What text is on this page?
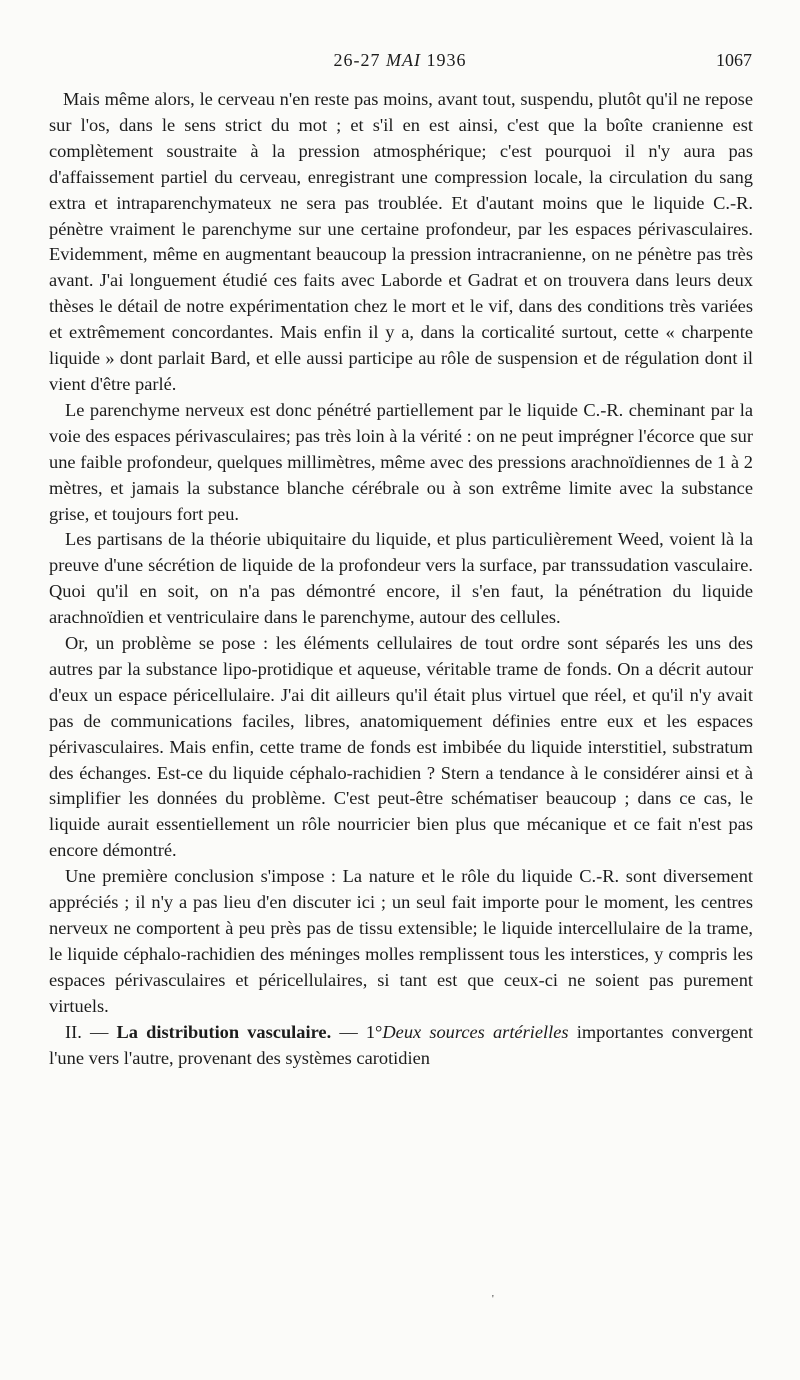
26-27 MAI 1936	1067

Mais même alors, le cerveau n'en reste pas moins, avant tout, suspendu, plutôt qu'il ne repose sur l'os, dans le sens strict du mot ; et s'il en est ainsi, c'est que la boîte cranienne est complètement soustraite à la pression atmosphérique; c'est pourquoi il n'y aura pas d'affaissement partiel du cerveau, enregistrant une compression locale, la circulation du sang extra et intraparenchymateux ne sera pas troublée. Et d'autant moins que le liquide C.-R. pénètre vraiment le parenchyme sur une certaine profondeur, par les espaces périvasculaires. Evidemment, même en augmentant beaucoup la pression intracranienne, on ne pénètre pas très avant. J'ai longuement étudié ces faits avec Laborde et Gadrat et on trouvera dans leurs deux thèses le détail de notre expérimentation chez le mort et le vif, dans des conditions très variées et extrêmement concordantes. Mais enfin il y a, dans la corticalité surtout, cette « charpente liquide » dont parlait Bard, et elle aussi participe au rôle de suspension et de régulation dont il vient d'être parlé.

Le parenchyme nerveux est donc pénétré partiellement par le liquide C.-R. cheminant par la voie des espaces périvasculaires; pas très loin à la vérité : on ne peut imprégner l'écorce que sur une faible profondeur, quelques millimètres, même avec des pressions arachnoïdiennes de 1 à 2 mètres, et jamais la substance blanche cérébrale ou à son extrême limite avec la substance grise, et toujours fort peu.

Les partisans de la théorie ubiquitaire du liquide, et plus particulièrement Weed, voient là la preuve d'une sécrétion de liquide de la profondeur vers la surface, par transsudation vasculaire. Quoi qu'il en soit, on n'a pas démontré encore, il s'en faut, la pénétration du liquide arachnoïdien et ventriculaire dans le parenchyme, autour des cellules.

Or, un problème se pose : les éléments cellulaires de tout ordre sont séparés les uns des autres par la substance lipo-protidique et aqueuse, véritable trame de fonds. On a décrit autour d'eux un espace péricellulaire. J'ai dit ailleurs qu'il était plus virtuel que réel, et qu'il n'y avait pas de communications faciles, libres, anatomiquement définies entre eux et les espaces périvasculaires. Mais enfin, cette trame de fonds est imbibée du liquide interstitiel, substratum des échanges. Est-ce du liquide céphalo-rachidien ? Stern a tendance à le considérer ainsi et à simplifier les données du problème. C'est peut-être schématiser beaucoup ; dans ce cas, le liquide aurait essentiellement un rôle nourricier bien plus que mécanique et ce fait n'est pas encore démontré.

Une première conclusion s'impose : La nature et le rôle du liquide C.-R. sont diversement appréciés ; il n'y a pas lieu d'en discuter ici ; un seul fait importe pour le moment, les centres nerveux ne comportent à peu près pas de tissu extensible; le liquide intercellulaire de la trame, le liquide céphalo-rachidien des méninges molles remplissent tous les interstices, y compris les espaces périvasculaires et péricellulaires, si tant est que ceux-ci ne soient pas purement virtuels.

II. — La distribution vasculaire. — 1°Deux sources artérielles importantes convergent l'une vers l'autre, provenant des systèmes carotidien

'
